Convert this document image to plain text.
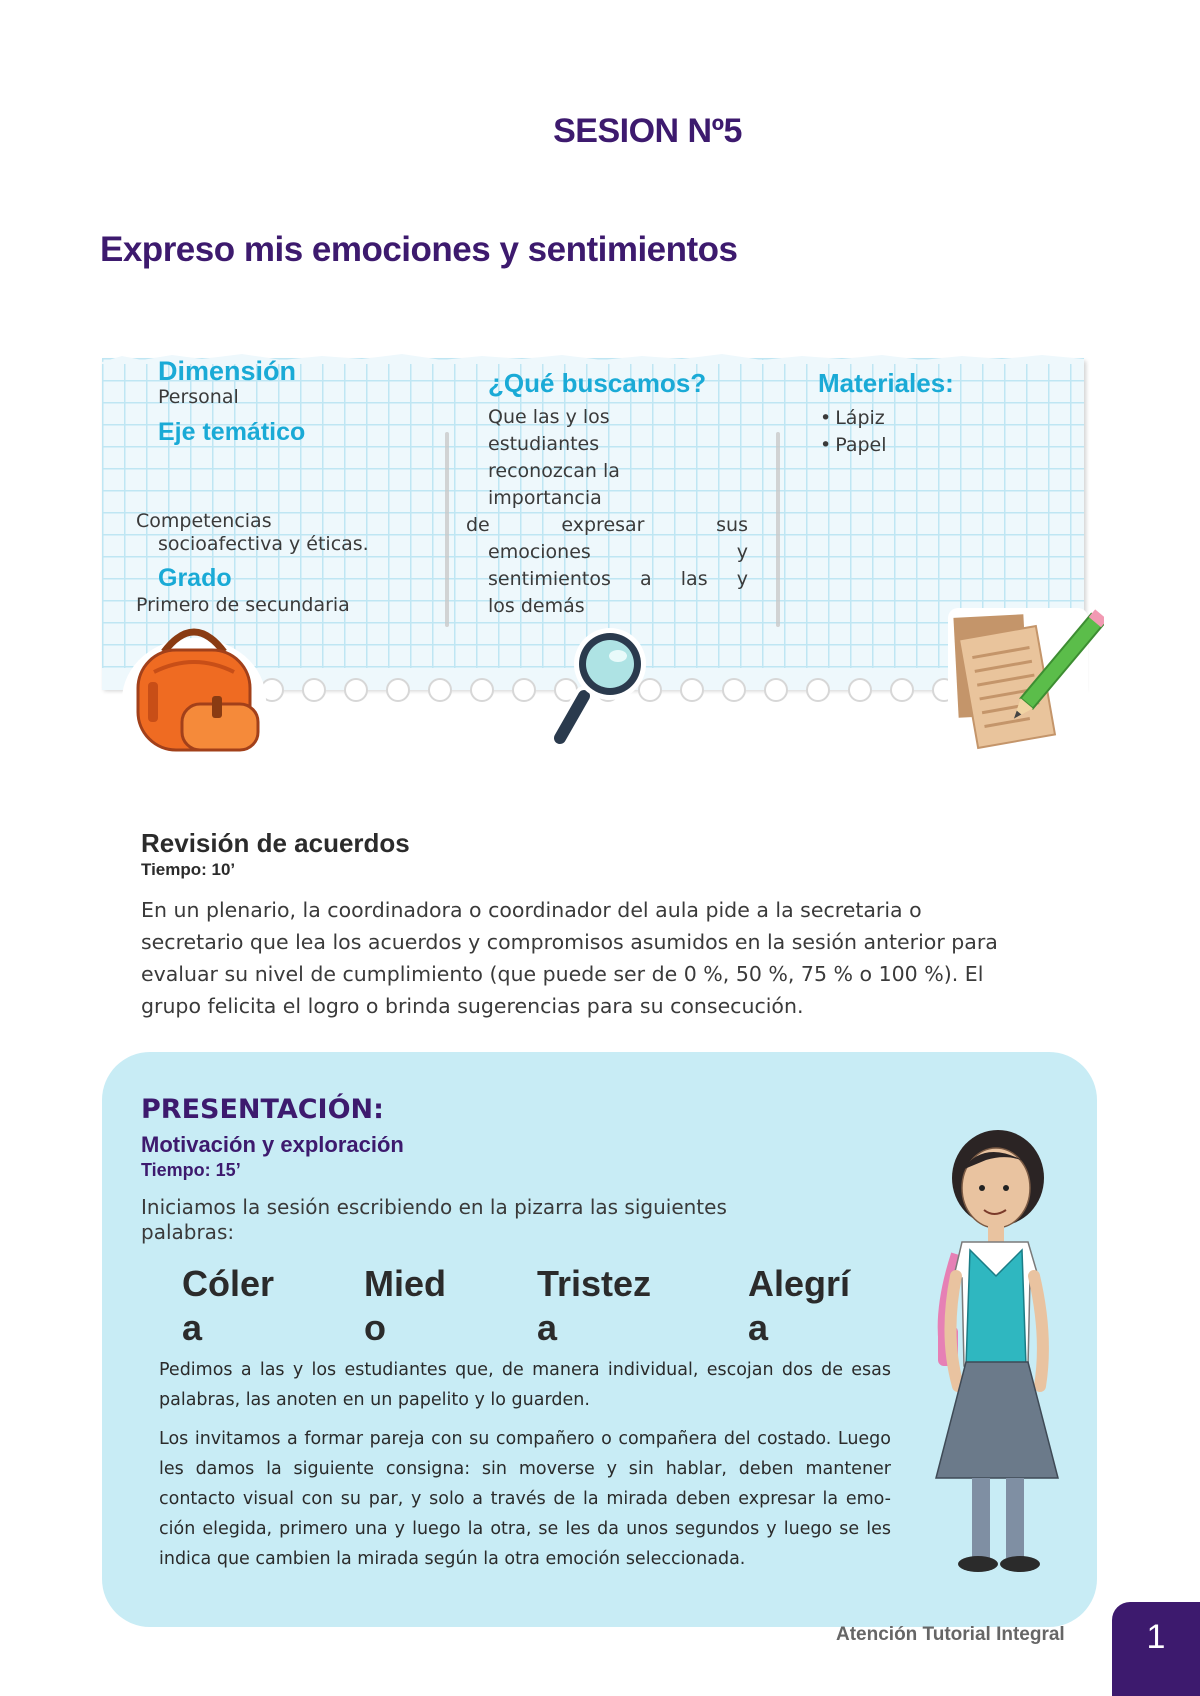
SESION Nº5
Expreso mis emociones y sentimientos
Dimensión
Personal
Eje temático
Competencias
socioafectiva y éticas.
Grado
Primero de secundaria
¿Qué buscamos?
Que las y los
estudiantes
reconozcan la
importancia
de expresar sus
emociones y
sentimientos a las y
los demás
Materiales:
• Lápiz
• Papel
Revisión de acuerdos
Tiempo: 10’
En un plenario, la coordinadora o coordinador del aula pide a la secretaria o secretario que lea los acuerdos y compromisos asumidos en la sesión anterior para evaluar su nivel de cumplimiento (que puede ser de 0 %, 50 %, 75 % o 100 %). El grupo felicita el logro o brinda sugerencias para su consecución.
PRESENTACIÓN:
Motivación y exploración
Tiempo: 15’
Iniciamos la sesión escribiendo en la pizarra las siguientes palabras:
Cóler
a
Mied
o
Tristez
a
Alegrí
a
Pedimos a las y los estudiantes que, de manera individual, escojan dos de esas palabras, las anoten en un papelito y lo guarden.
Los invitamos a formar pareja con su compañero o compañera del costado. Luego les damos la siguiente consigna: sin moverse y sin hablar, deben mantener contacto visual con su par, y solo a través de la mirada deben expresar la emo-ción elegida, primero una y luego la otra, se les da unos segundos y luego se les indica que cambien la mirada según la otra emoción seleccionada.
Atención Tutorial Integral	1
